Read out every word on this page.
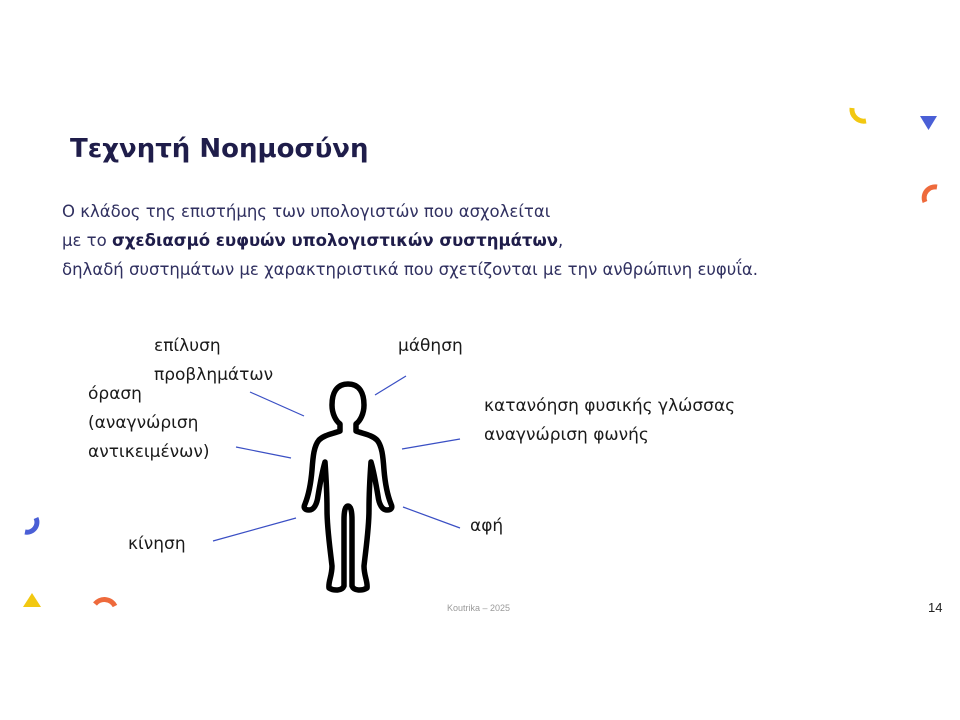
Τεχνητή Νοημοσύνη
Ο κλάδος της επιστήμης των υπολογιστών που ασχολείται
με το σχεδιασμό ευφυών υπολογιστικών συστημάτων,
δηλαδή συστημάτων με χαρακτηριστικά που σχετίζονται με την ανθρώπινη ευφυΐα.
επίλυση
προβλημάτων
μάθηση
όραση
(αναγνώριση
αντικειμένων)
κατανόηση φυσικής γλώσσας
αναγνώριση φωνής
αφή
κίνηση
Koutrika – 2025	14
